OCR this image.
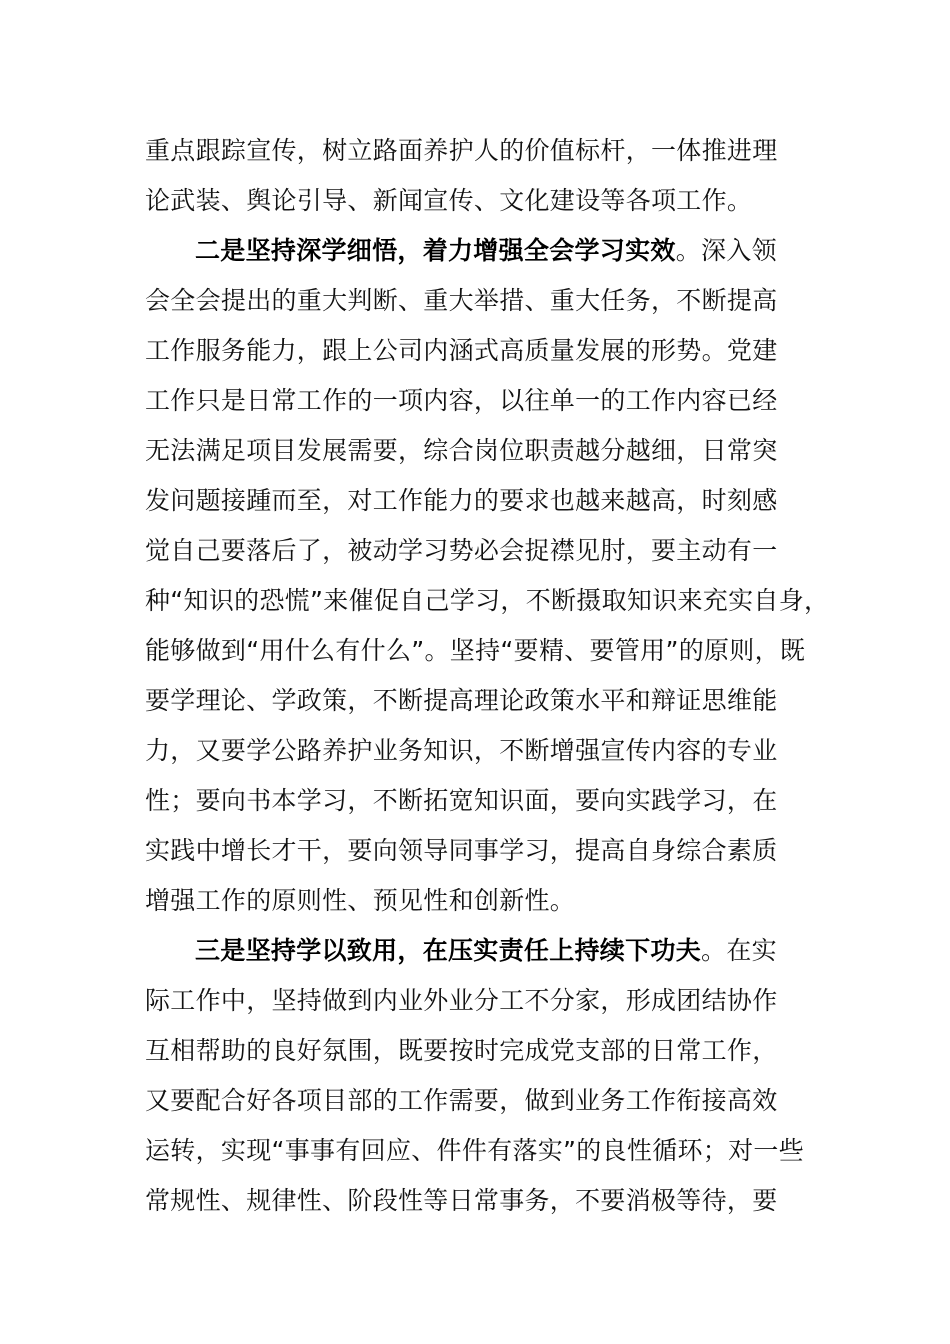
重点跟踪宣传，树立路面养护人的价值标杆，一体推进理
论武装、舆论引导、新闻宣传、文化建设等各项工作。
二是坚持深学细悟，着力增强全会学习实效。深入领
会全会提出的重大判断、重大举措、重大任务，不断提高
工作服务能力，跟上公司内涵式高质量发展的形势。党建
工作只是日常工作的一项内容，以往单一的工作内容已经
无法满足项目发展需要，综合岗位职责越分越细，日常突
发问题接踵而至，对工作能力的要求也越来越高，时刻感
觉自己要落后了，被动学习势必会捉襟见肘，要主动有一
种“知识的恐慌”来催促自己学习，不断摄取知识来充实自身，
能够做到“用什么有什么”。坚持“要精、要管用”的原则，既
要学理论、学政策，不断提高理论政策水平和辩证思维能
力，又要学公路养护业务知识，不断增强宣传内容的专业
性；要向书本学习，不断拓宽知识面，要向实践学习，在
实践中增长才干，要向领导同事学习，提高自身综合素质
增强工作的原则性、预见性和创新性。
三是坚持学以致用，在压实责任上持续下功夫。在实
际工作中，坚持做到内业外业分工不分家，形成团结协作
互相帮助的良好氛围，既要按时完成党支部的日常工作，
又要配合好各项目部的工作需要，做到业务工作衔接高效
运转，实现“事事有回应、件件有落实”的良性循环；对一些
常规性、规律性、阶段性等日常事务，不要消极等待，要
